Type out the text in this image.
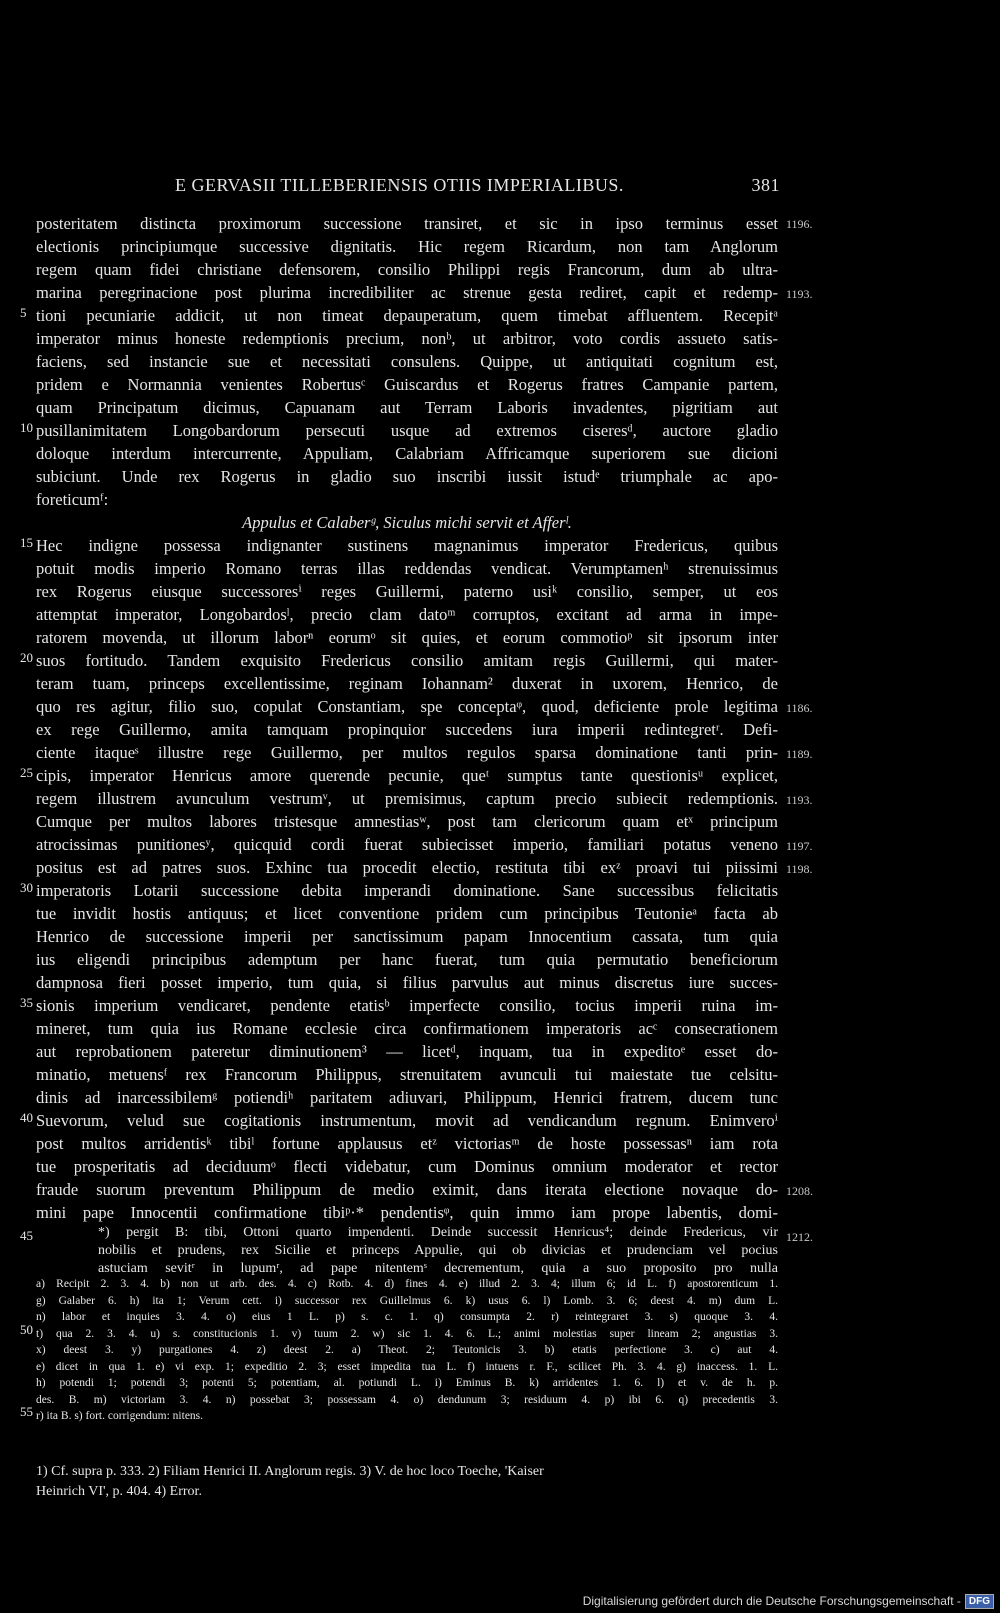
E GERVASII TILLEBERIENSIS OTIIS IMPERIALIBUS.	381
posteritatem distincta proximorum successione transiret, et sic in ipso terminus esset
electionis principiumque successive dignitatis. Hic regem Ricardum, non tam Anglorum
regem quam fidei christiane defensorem, consilio Philippi regis Francorum, dum ab ultra-
marina peregrinacione post plurima incredibiliter ac strenue gesta rediret, capit et redemp-
tioni pecuniarie addicit, ut non timeat depauperatum, quem timebat affluentem. Recepitᵃ
imperator minus honeste redemptionis precium, nonᵇ, ut arbitror, voto cordis assueto satis-
faciens, sed instancie sue et necessitati consulens. Quippe, ut antiquitati cognitum est,
pridem e Normannia venientes Robertusᶜ Guiscardus et Rogerus fratres Campanie partem,
quam Principatum dicimus, Capuanam aut Terram Laboris invadentes, pigritiam aut
pusillanimitatem Longobardorum persecuti usque ad extremos ciseresᵈ, auctore gladio
doloque interdum intercurrente, Appuliam, Calabriam Affricamque superiorem sue dicioni
subiciunt. Unde rex Rogerus in gladio suo inscribi iussit istudᵉ triumphale ac apo-
foreticumᶠ:
Appulus et Calaberᵍ, Siculus michi servit et Afferˡ.
Hec indigne possessa indignanter sustinens magnanimus imperator Fredericus, quibus
potuit modis imperio Romano terras illas reddendas vendicat. Verumptamenʰ strenuissimus
rex Rogerus eiusque successoresⁱ reges Guillermi, paterno usiᵏ consilio, semper, ut eos
attemptat imperator, Longobardosˡ, precio clam datoᵐ corruptos, excitant ad arma in impe-
ratorem movenda, ut illorum laborⁿ eorumᵒ sit quies, et eorum commotioᵖ sit ipsorum inter
suos fortitudo. Tandem exquisito Fredericus consilio amitam regis Guillermi, qui mater-
teram tuam, princeps excellentissime, reginam Iohannam² duxerat in uxorem, Henrico, de
quo res agitur, filio suo, copulat Constantiam, spe conceptaᵠ, quod, deficiente prole legitima
ex rege Guillermo, amita tamquam propinquior succedens iura imperii redintegretʳ. Defi-
ciente itaqueˢ illustre rege Guillermo, per multos regulos sparsa dominatione tanti prin-
cipis, imperator Henricus amore querende pecunie, queᵗ sumptus tante questionisᵘ explicet,
regem illustrem avunculum vestrumᵛ, ut premisimus, captum precio subiecit redemptionis.
Cumque per multos labores tristesque amnestiasʷ, post tam clericorum quam etˣ principum
atrocissimas punitionesʸ, quicquid cordi fuerat subiecisset imperio, familiari potatus veneno
positus est ad patres suos. Exhinc tua procedit electio, restituta tibi exᶻ proavi tui piissimi
imperatoris Lotarii successione debita imperandi dominatione. Sane successibus felicitatis
tue invidit hostis antiquus; et licet conventione pridem cum principibus Teutonieᵃ facta ab
Henrico de successione imperii per sanctissimum papam Innocentium cassata, tum quia
ius eligendi principibus ademptum per hanc fuerat, tum quia permutatio beneficiorum
dampnosa fieri posset imperio, tum quia, si filius parvulus aut minus discretus iure succes-
sionis imperium vendicaret, pendente etatisᵇ imperfecte consilio, tocius imperii ruina im-
mineret, tum quia ius Romane ecclesie circa confirmationem imperatoris acᶜ consecrationem
aut reprobationem pateretur diminutionem³ — licetᵈ, inquam, tua in expeditoᵉ esset do-
minatio, metuensᶠ rex Francorum Philippus, strenuitatem avunculi tui maiestate tue celsitu-
dinis ad inarcessibilemᵍ potiendiʰ paritatem adiuvari, Philippum, Henrici fratrem, ducem tunc
Suevorum, velud sue cogitationis instrumentum, movit ad vendicandum regnum. Enimveroⁱ
post multos arridentisᵏ tibiˡ fortune applausus etᶻ victoriasᵐ de hoste possessasⁿ iam rota
tue prosperitatis ad deciduumᵒ flecti videbatur, cum Dominus omnium moderator et rector
fraude suorum preventum Philippum de medio eximit, dans iterata electione novaque do-
mini pape Innocentii confirmatione tibiᵖ·* pendentisᵠ, quin immo iam prope labentis, domi-
5
10
15
20
25
30
35
40
45
50
55
1196.
1193.
1186.
1189.
1193.
1197.
1198.
1208.
1212.
*) pergit B: tibi, Ottoni quarto impendenti. Deinde successit Henricus⁴; deinde Fredericus, vir
nobilis et prudens, rex Sicilie et princeps Appulie, qui ob divicias et prudenciam vel pocius
astuciam sevitʳ in lupumʳ, ad pape nitentemˢ decrementum, quia a suo proposito pro nulla
a) Recipit 2. 3. 4. b) non ut arb. des. 4. c) Rotb. 4. d) fines 4. e) illud 2. 3. 4; illum 6; id L. f) apostorenticum 1.
g) Galaber 6. h) ita 1; Verum cett. i) successor rex Guillelmus 6. k) usus 6. l) Lomb. 3. 6; deest 4. m) dum L.
n) labor et inquies 3. 4. o) eius 1 L. p) s. c. 1. q) consumpta 2. r) reintegraret 3. s) quoque 3. 4.
t) qua 2. 3. 4. u) s. constitucionis 1. v) tuum 2. w) sic 1. 4. 6. L.; animi molestias super lineam 2; angustias 3.
x) deest 3. y) purgationes 4. z) deest 2. a) Theot. 2; Teutonicis 3. b) etatis perfectione 3. c) aut 4.
e) dicet in qua 1. e) vi exp. 1; expeditio 2. 3; esset impedita tua L. f) intuens r. F., scilicet Ph. 3. 4. g) inaccess. 1. L.
h) potendi 1; potendi 3; potenti 5; potentiam, al. potiundi L. i) Eminus B. k) arridentes 1. 6. l) et v. de h. p.
des. B. m) victoriam 3. 4. n) possebat 3; possessam 4. o) dendunum 3; residuum 4. p) ibi 6. q) precedentis 3.
r) ita B. s) fort. corrigendum: nitens.
1) Cf. supra p. 333. 2) Filiam Henrici II. Anglorum regis. 3) V. de hoc loco Toeche, 'Kaiser
Heinrich VI', p. 404. 4) Error.
Digitalisierung gefördert durch die Deutsche Forschungsgemeinschaft - DFG
